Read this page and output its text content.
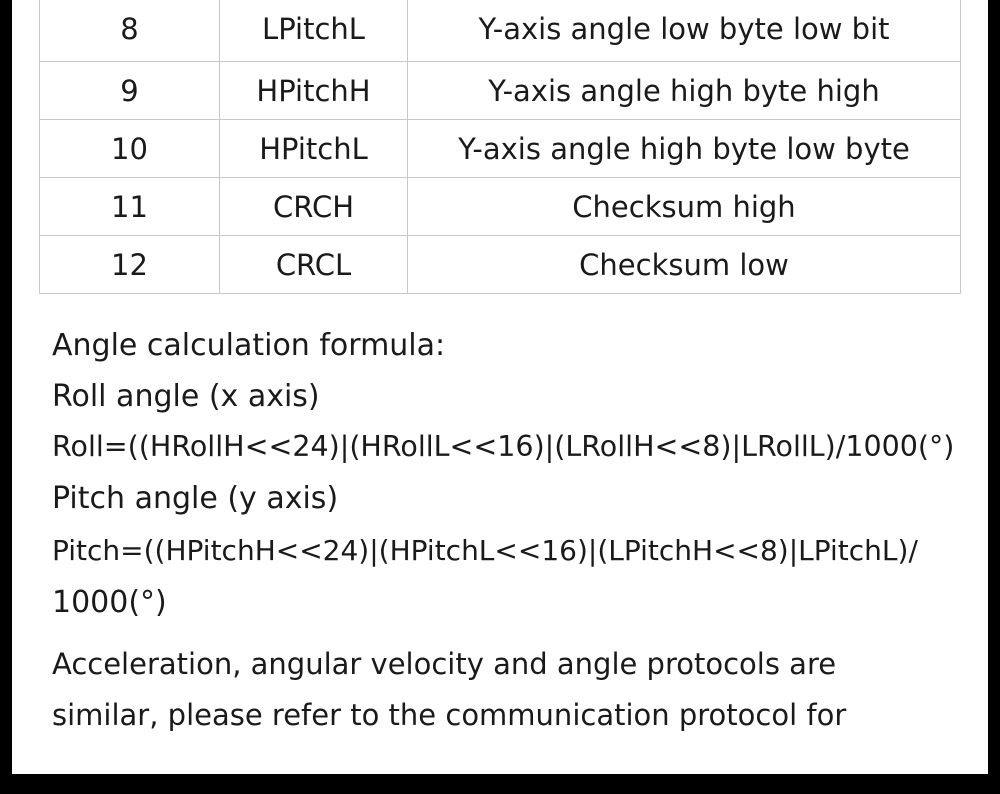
8	LPitchL	Y-axis angle low byte low bit
9	HPitchH	Y-axis angle high byte high
10	HPitchL	Y-axis angle high byte low byte
11	CRCH	Checksum high
12	CRCL	Checksum low
Angle calculation formula:
Roll angle (x axis)
Roll=((HRollH<<24)|(HRollL<<16)|(LRollH<<8)|LRollL)/1000(°)
Pitch angle (y axis)
Pitch=((HPitchH<<24)|(HPitchL<<16)|(LPitchH<<8)|LPitchL)/
1000(°)
Acceleration, angular velocity and angle protocols are
similar, please refer to the communication protocol for
